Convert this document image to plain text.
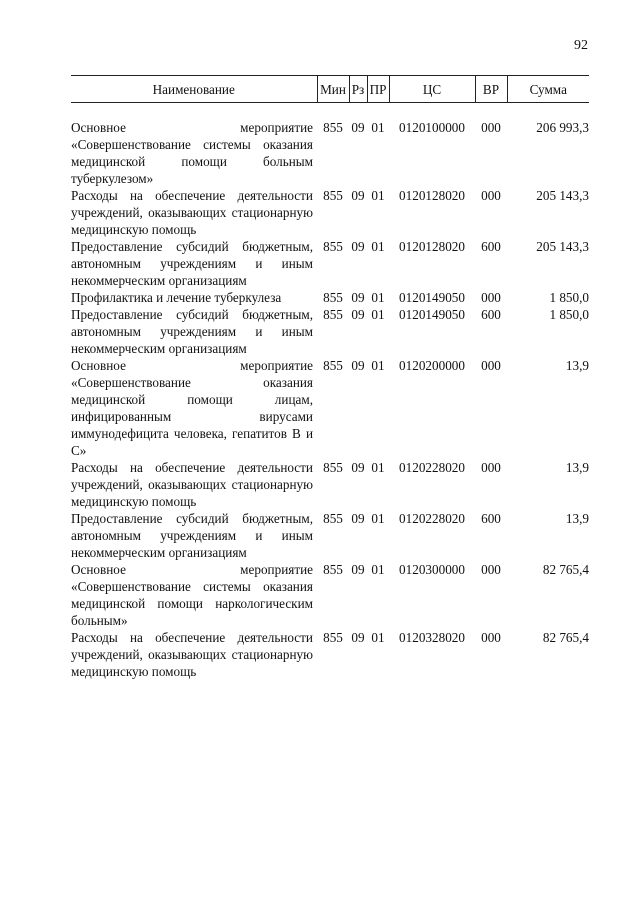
92
Наименование	Мин	Рз	ПР	ЦС	ВР	Сумма

Основное мероприятие «Совершенствование системы оказания медицинской помощи больным туберкулезом»	855	09	01	0120100000	000	206 993,3
Расходы на обеспечение деятельности учреждений, оказывающих стационарную медицинскую помощь	855	09	01	0120128020	000	205 143,3
Предоставление субсидий бюджетным, автономным учреждениям и иным некоммерческим организациям	855	09	01	0120128020	600	205 143,3
Профилактика и лечение туберкулеза	855	09	01	0120149050	000	1 850,0
Предоставление субсидий бюджетным, автономным учреждениям и иным некоммерческим организациям	855	09	01	0120149050	600	1 850,0
Основное мероприятие «Совершенствование оказания медицинской помощи лицам, инфицированным вирусами иммунодефицита человека, гепатитов В и С»	855	09	01	0120200000	000	13,9
Расходы на обеспечение деятельности учреждений, оказывающих стационарную медицинскую помощь	855	09	01	0120228020	000	13,9
Предоставление субсидий бюджетным, автономным учреждениям и иным некоммерческим организациям	855	09	01	0120228020	600	13,9
Основное мероприятие «Совершенствование системы оказания медицинской помощи наркологическим больным»	855	09	01	0120300000	000	82 765,4
Расходы на обеспечение деятельности учреждений, оказывающих стационарную медицинскую помощь	855	09	01	0120328020	000	82 765,4
